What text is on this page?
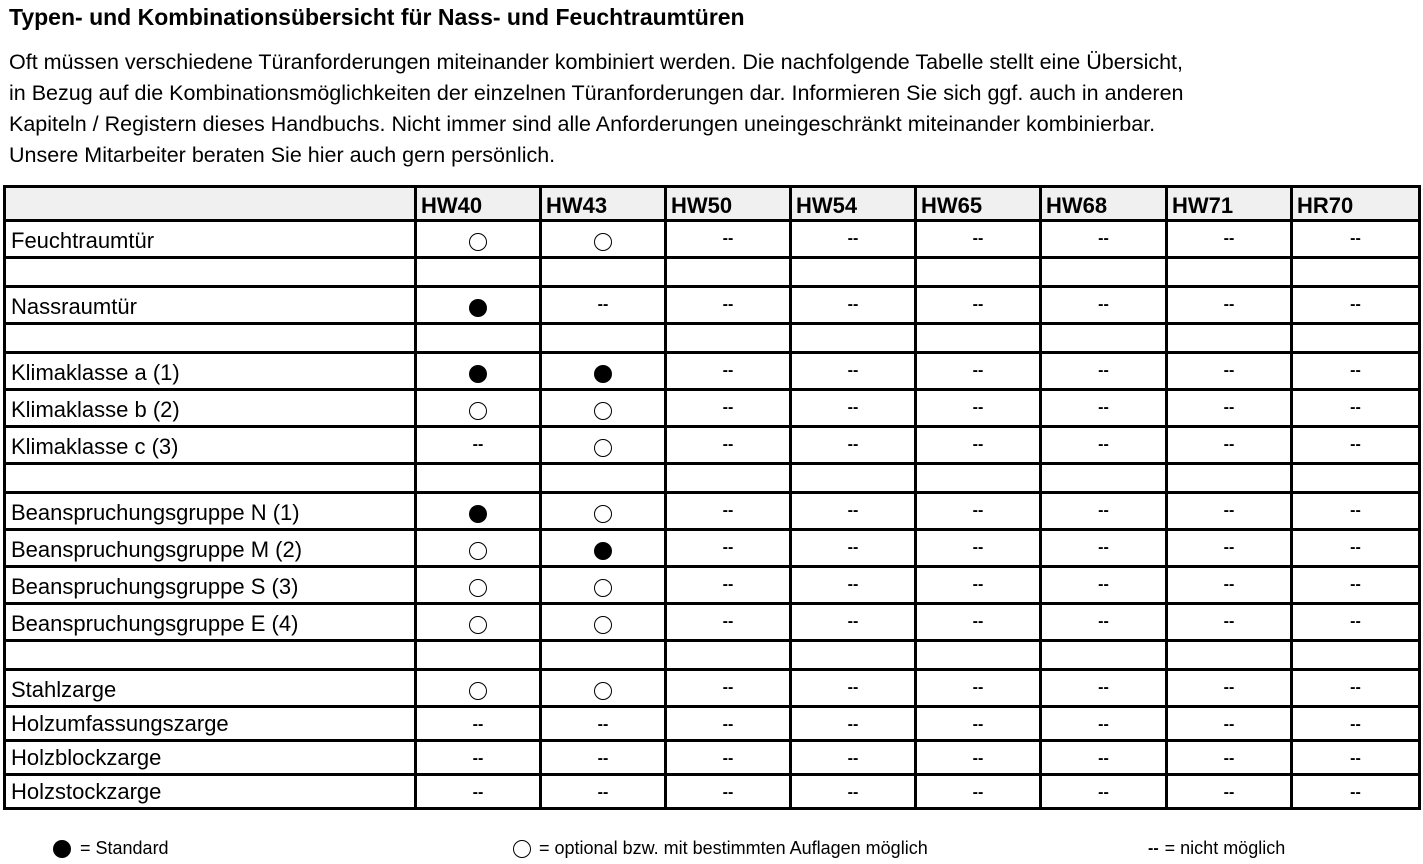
Typen- und Kombinationsübersicht für Nass- und Feuchtraumtüren
Oft müssen verschiedene Türanforderungen miteinander kombiniert werden. Die nachfolgende Tabelle stellt eine Übersicht,
in Bezug auf die Kombinationsmöglichkeiten der einzelnen Türanforderungen dar. Informieren Sie sich ggf. auch in anderen
Kapiteln / Registern dieses Handbuchs. Nicht immer sind alle Anforderungen uneingeschränkt miteinander kombinierbar.
Unsere Mitarbeiter beraten Sie hier auch gern persönlich.
	HW40	HW43	HW50	HW54	HW65	HW68	HW71	HR70
Feuchtraumtür			--	--	--	--	--	--

Nassraumtür		--	--	--	--	--	--	--

Klimaklasse a (1)			--	--	--	--	--	--
Klimaklasse b (2)			--	--	--	--	--	--
Klimaklasse c (3)	--		--	--	--	--	--	--

Beanspruchungsgruppe N (1)			--	--	--	--	--	--
Beanspruchungsgruppe M (2)			--	--	--	--	--	--
Beanspruchungsgruppe S (3)			--	--	--	--	--	--
Beanspruchungsgruppe E (4)			--	--	--	--	--	--

Stahlzarge			--	--	--	--	--	--
Holzumfassungszarge	--	--	--	--	--	--	--	--
Holzblockzarge	--	--	--	--	--	--	--	--
Holzstockzarge	--	--	--	--	--	--	--	--
= Standard	= optional bzw. mit bestimmten Auflagen möglich	-- = nicht möglich
